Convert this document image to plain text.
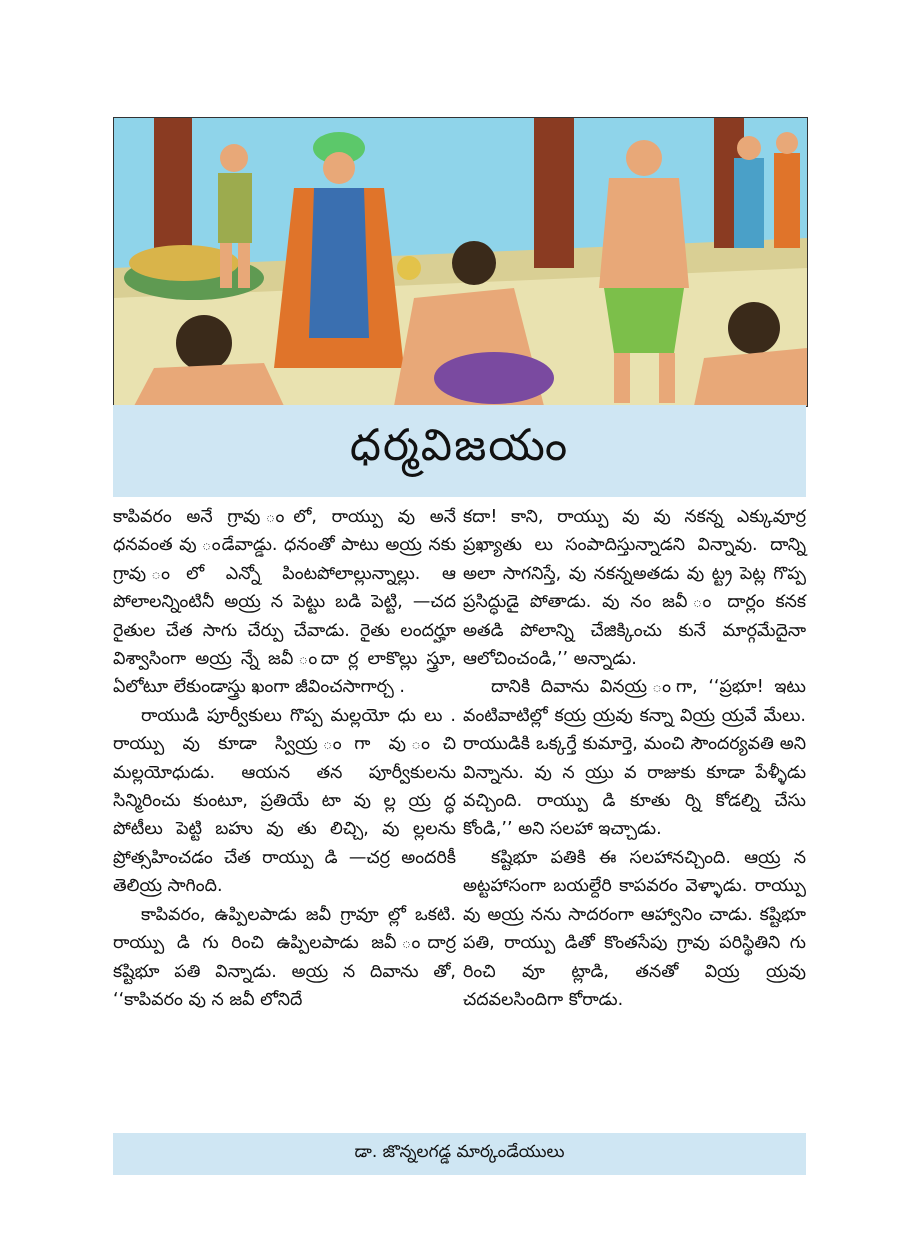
ధర్మవిజయం

కాపివరం అనే గ్రావు ంలో, రాయ్పు వు అనే ధనవంత వు ండేవాడ్డు. ధనంతో పాటు అయ్ర నకు గ్రావు ంలో ఎన్నో పింటపోలాల్లున్నాల్లు. ఆ పోలాలన్నింటినీ అయ్ర న పెట్టు బడి పెట్టి, —చద రైతుల చేత సాగు చేర్పు చేవాడు. రైతు లందర్హూ విశ్వాసింగా అయ్ర న్నే జవీ ందా ర్ల లాకొల్లు స్త్రూ, ఏలోటూ లేకుండాస్త్రు ఖంగా జీవించసాగార్చ .

రాయుడి పూర్వీకులు గొప్ప మల్లయో ధు లు . రాయ్పు వు కూడా స్వియ్ర ంగా వు ంచి మల్లయోధుడు. ఆయన తన పూర్వీకులను సిన్మిరించు కుంటూ, ప్రతియే టా వు ల్ల య్ర ద్ధ పోటీలు పెట్టి బహు వు తు లిచ్చి, వు ల్లలను ప్రోత్సహించడం చేత రాయ్పు డి —చర్ర అందరికీ తెలియ్ర సాగింది.

కాపివరం, ఉప్పిలపాడు జవీ గ్రావూ ల్లో ఒకటి. రాయ్పు డి గు రించి ఉప్పిలపాడు జవీ ందార్ర కష్టిభూ పతి విన్నాడు. అయ్ర న దివాను తో, ‘‘కాపివరం వు న జవీ లోనిదే

కదా! కాని, రాయ్పు వు వు నకన్న ఎక్కువూర్ర ప్రఖ్యాతు లు సంపాదిస్తున్నాడని విన్నావు. దాన్ని అలా సాగనిస్తే, వు నకన్నఅతడు వు ట్ట్ర పెట్ల గొప్ప ప్రసిద్ధుడై పోతాడు. వు నం జవీ ం దార్లం కనక అతడి పోలాన్ని చేజిక్కించు కునే మార్గమేదైనా ఆలోచించండి,’’ అన్నాడు.

దానికి దివాను వినయ్ర ంగా, ‘‘ప్రభూ! ఇటు వంటివాటిల్లో కయ్ర య్రవు కన్నా వియ్ర య్రవే మేలు. రాయుడికి ఒక్కర్తే కుమార్తె, మంచి సౌందర్యవతి అని విన్నాను. వు న య్రు వ రాజుకు కూడా పేళ్ళీడు వచ్చింది. రాయ్పు డి కూతు ర్ని కోడల్ని చేసు కోండి,’’ అని సలహా ఇచ్చాడు.

కష్టిభూ పతికి ఈ సలహానచ్చింది. ఆయ్ర న అట్టహాసంగా బయల్దేరి కాపవరం వెళ్ళాడు. రాయ్పు వు అయ్ర నను సాదరంగా ఆహ్వానిం చాడు. కష్టిభూ పతి, రాయ్పు డితో కొంతసేపు గ్రావు పరిస్థితిని గు రించి వూ ట్లాడి, తనతో వియ్ర య్రవు చదవలసిందిగా కోరాడు.

డా. జొన్నలగడ్డ మార్కండేయులు
